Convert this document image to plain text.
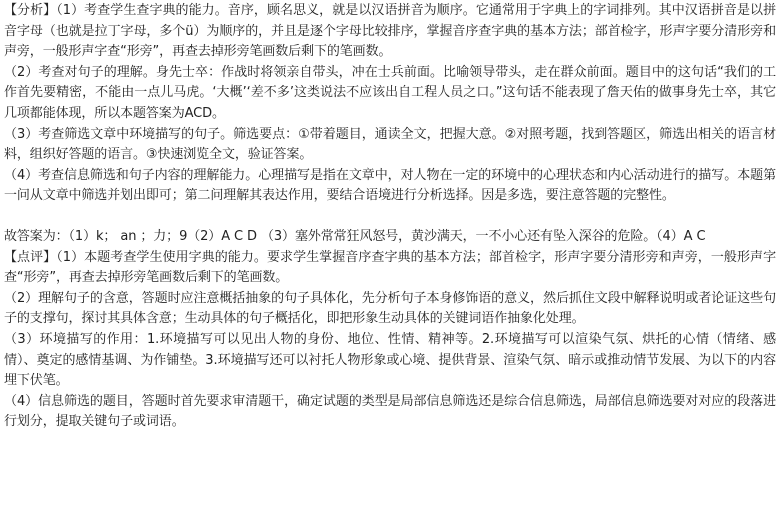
【分析】（1）考查学生查字典的能力。音序，顾名思义，就是以汉语拼音为顺序。它通常用于字典上的字词排列。其中汉语拼音是以拼音字母（也就是拉丁字母，多个ü）为顺序的，并且是逐个字母比较排序，掌握音序查字典的基本方法；部首检字，形声字要分清形旁和声旁，一般形声字查“形旁”，再查去掉形旁笔画数后剩下的笔画数。

（2）考查对句子的理解。身先士卒：作战时将领亲自带头，冲在士兵前面。比喻领导带头，走在群众前面。题目中的这句话“我们的工作首先要精密，不能由一点儿马虎。‘大概’‘差不多’这类说法不应该出自工程人员之口。”这句话不能表现了詹天佑的做事身先士卒，其它几项都能体现，所以本题答案为ACD。

（3）考查筛选文章中环境描写的句子。筛选要点：①带着题目，通读全文，把握大意。②对照考题，找到答题区，筛选出相关的语言材料，组织好答题的语言。③快速浏览全文，验证答案。

（4）考查信息筛选和句子内容的理解能力。心理描写是指在文章中，对人物在一定的环境中的心理状态和内心活动进行的描写。本题第一问从文章中筛选并划出即可；第二问理解其表达作用，要结合语境进行分析选择。因是多选，要注意答题的完整性。

故答案为：（1）k； an ；力；9（2）A C D （3）塞外常常狂风怒号，黄沙满天，一不小心还有坠入深谷的危险。（4）A C

【点评】（1）本题考查学生使用字典的能力。要求学生掌握音序查字典的基本方法；部首检字，形声字要分清形旁和声旁，一般形声字查“形旁”，再查去掉形旁笔画数后剩下的笔画数。

（2）理解句子的含意，答题时应注意概括抽象的句子具体化，先分析句子本身修饰语的意义，然后抓住文段中解释说明或者论证这些句子的支撑句，探讨其具体含意；生动具体的句子概括化，即把形象生动具体的关键词语作抽象化处理。

（3）环境描写的作用：1.环境描写可以见出人物的身份、地位、性情、精神等。2.环境描写可以渲染气氛、烘托的心情（情绪、感情）、奠定的感情基调、为作铺垫。3.环境描写还可以衬托人物形象或心境、提供背景、渲染气氛、暗示或推动情节发展、为以下的内容埋下伏笔。

（4）信息筛选的题目，答题时首先要求审清题干，确定试题的类型是局部信息筛选还是综合信息筛选，局部信息筛选要对对应的段落进行划分，提取关键句子或词语。
